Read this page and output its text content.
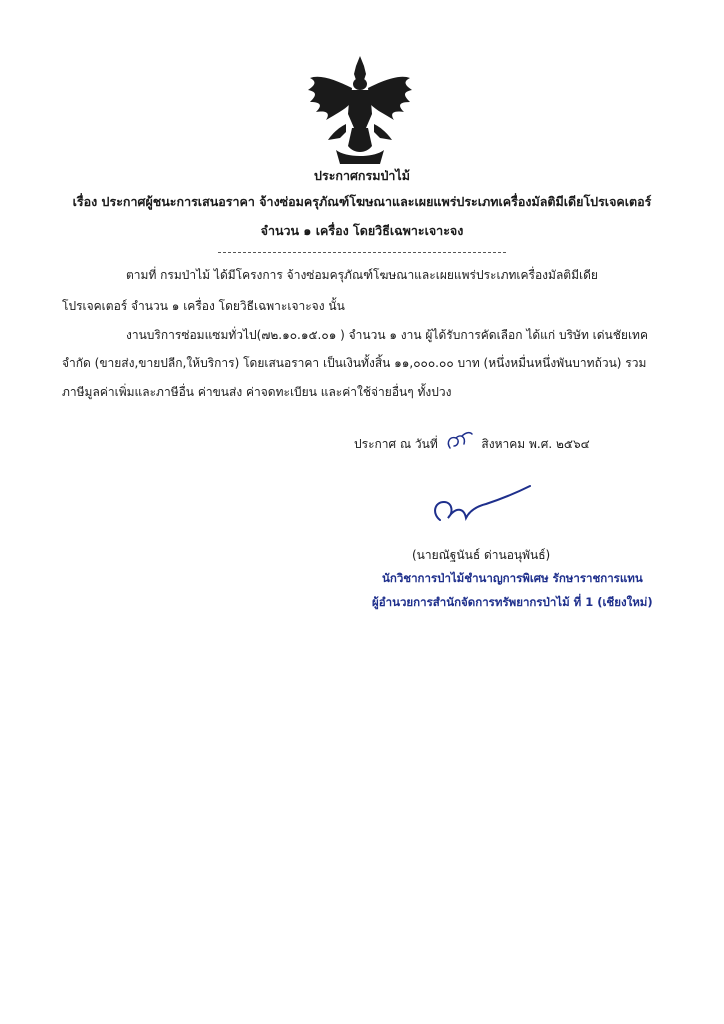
ประกาศกรมป่าไม้
เรื่อง ประกาศผู้ชนะการเสนอราคา จ้างซ่อมครุภัณฑ์โฆษณาและเผยแพร่ประเภทเครื่องมัลติมีเดียโปรเจคเตอร์
จำนวน ๑ เครื่อง โดยวิธีเฉพาะเจาะจง
ตามที่ กรมป่าไม้ ได้มีโครงการ จ้างซ่อมครุภัณฑ์โฆษณาและเผยแพร่ประเภทเครื่องมัลติมีเดีย
โปรเจคเตอร์ จำนวน ๑ เครื่อง โดยวิธีเฉพาะเจาะจง นั้น
งานบริการซ่อมแซมทั่วไป(๗๒.๑๐.๑๕.๐๑ ) จำนวน ๑ งาน ผู้ได้รับการคัดเลือก ได้แก่ บริษัท เด่นชัยเทค
จำกัด (ขายส่ง,ขายปลีก,ให้บริการ) โดยเสนอราคา เป็นเงินทั้งสิ้น ๑๑,๐๐๐.๐๐ บาท (หนึ่งหมื่นหนึ่งพันบาทถ้วน) รวม
ภาษีมูลค่าเพิ่มและภาษีอื่น ค่าขนส่ง ค่าจดทะเบียน และค่าใช้จ่ายอื่นๆ ทั้งปวง
ประกาศ ณ วันที่	สิงหาคม พ.ศ. ๒๕๖๔
(นายณัฐนันธ์ ด่านอนุพันธ์)
นักวิชาการป่าไม้ชำนาญการพิเศษ รักษาราชการแทน
ผู้อำนวยการสำนักจัดการทรัพยากรป่าไม้ ที่ 1 (เชียงใหม่)
